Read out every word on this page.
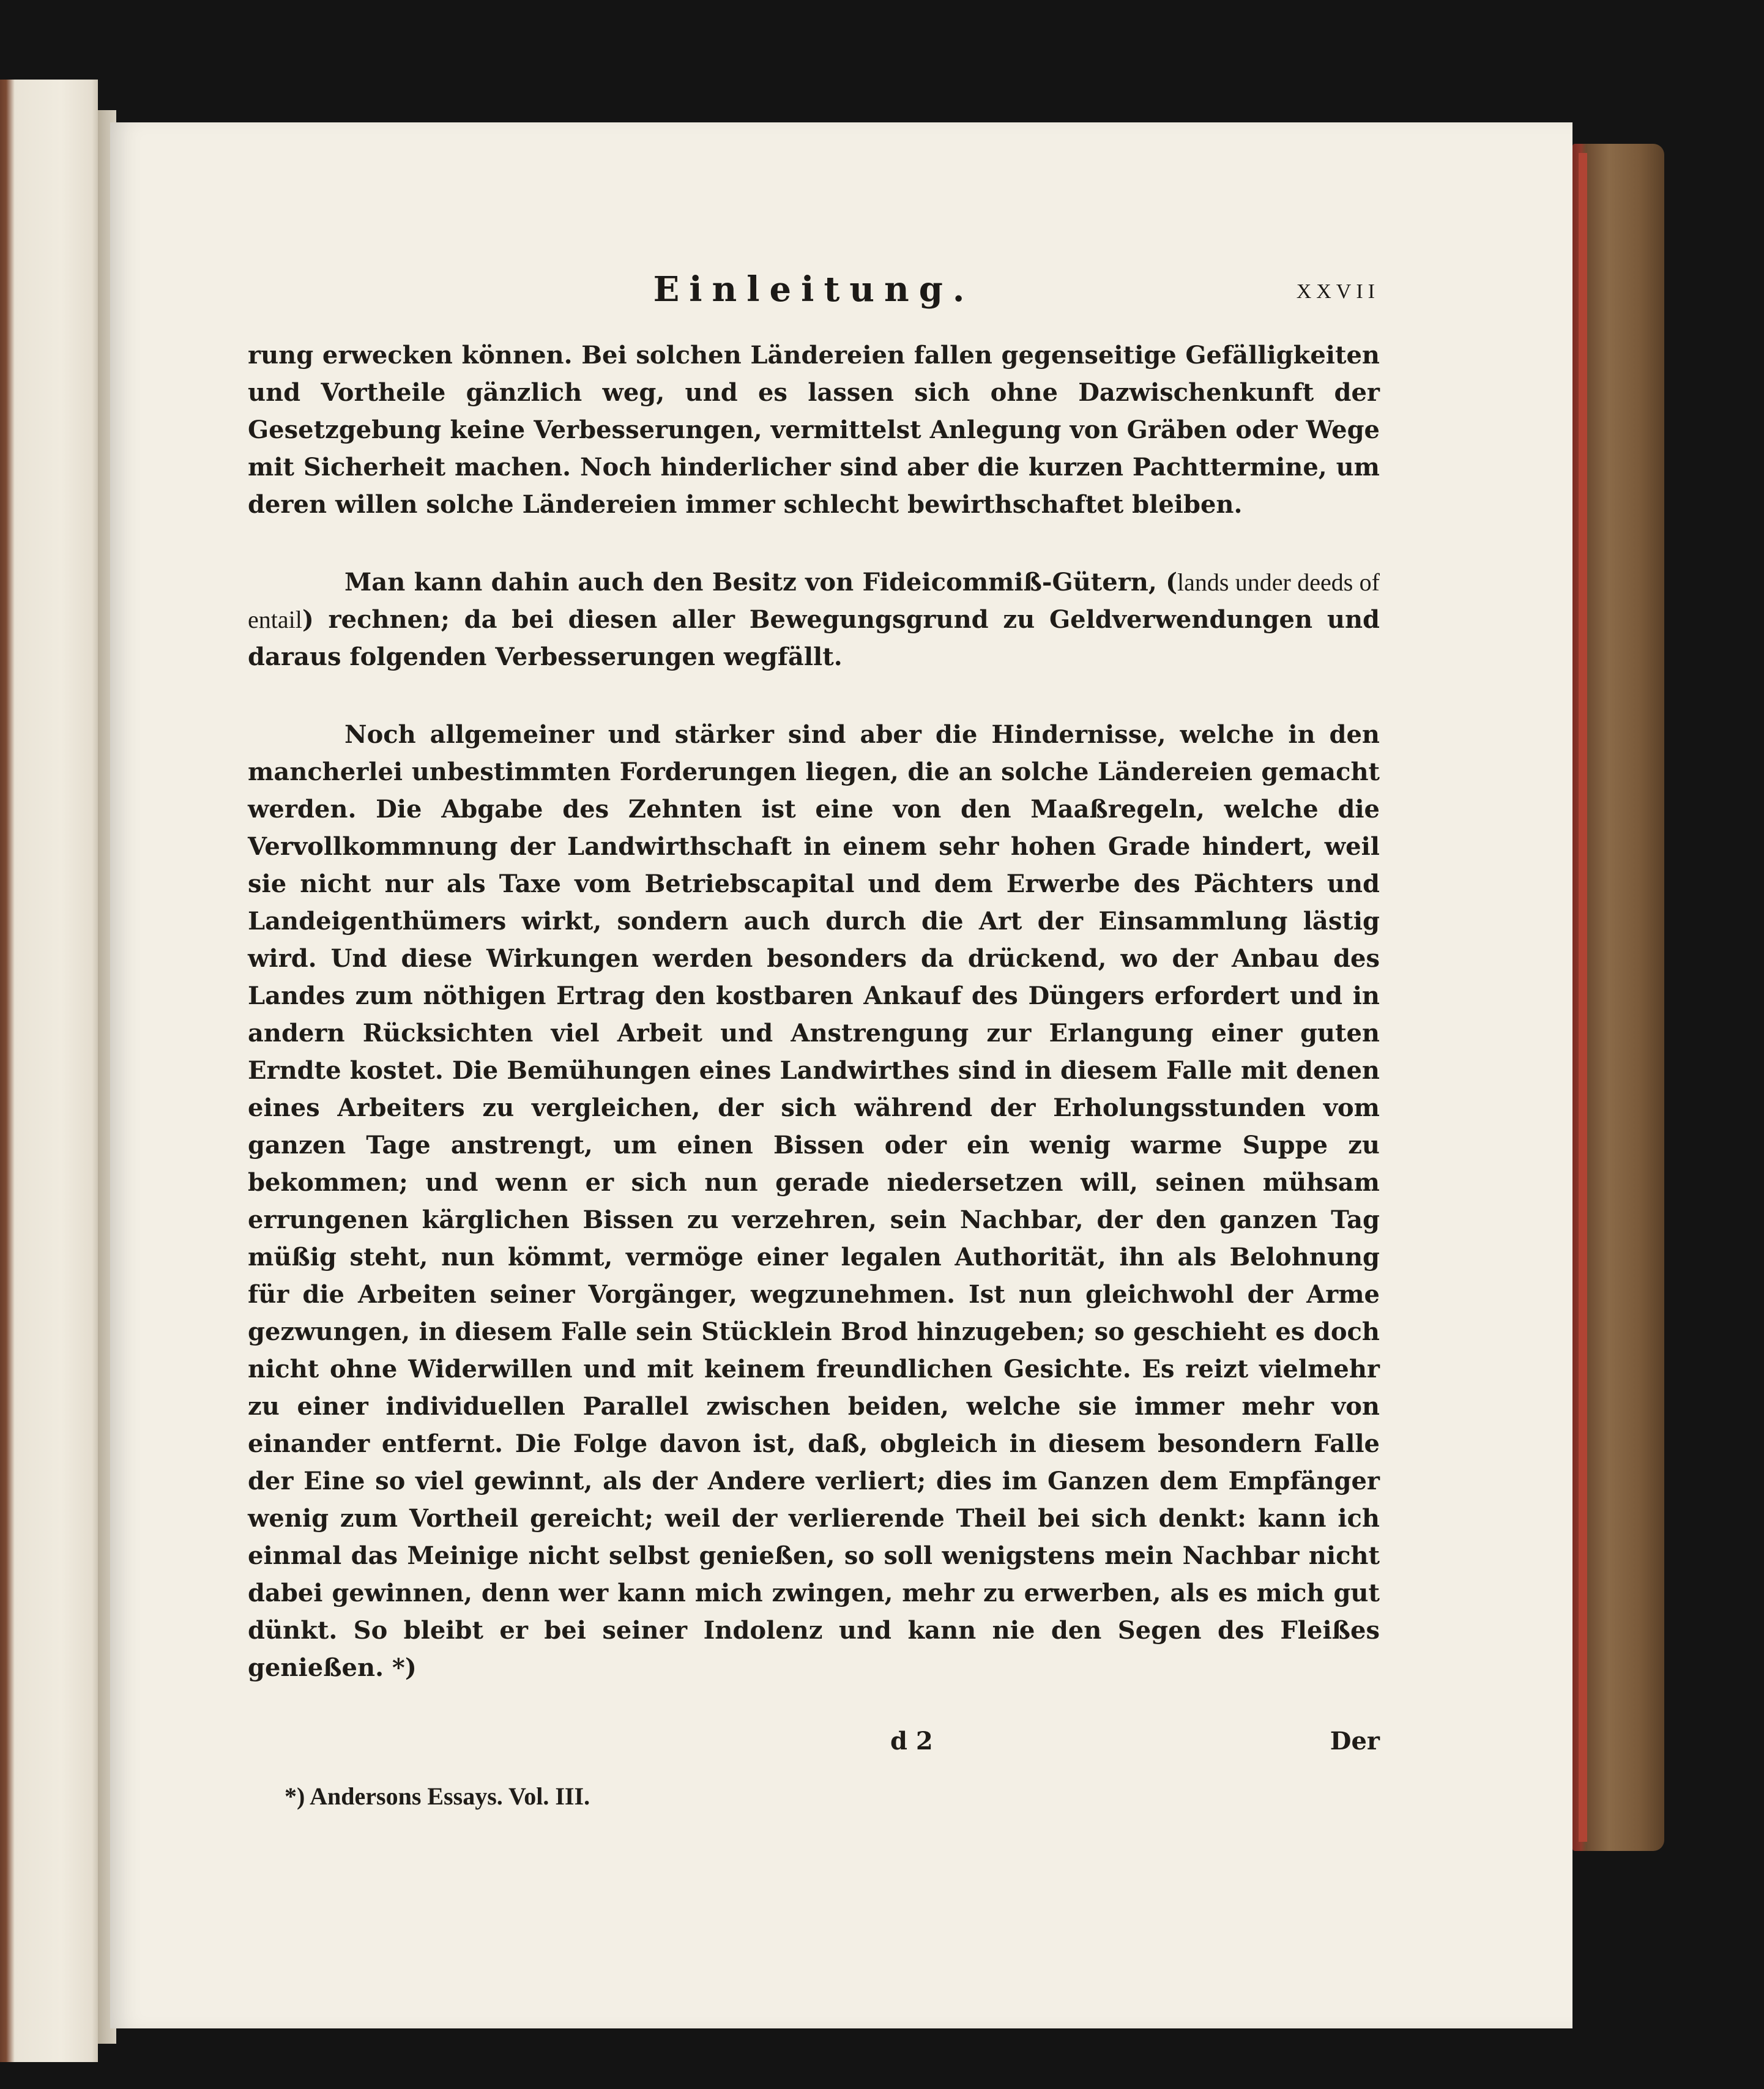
Einleitung.	XXVII

rung erwecken können. Bei solchen Ländereien fallen gegenseitige Gefälligkeiten und Vortheile gänzlich weg, und es lassen sich ohne Dazwischenkunft der Gesetzgebung keine Verbesserungen, vermittelst Anlegung von Gräben oder Wege mit Sicherheit machen. Noch hinderlicher sind aber die kurzen Pachttermine, um deren willen solche Ländereien immer schlecht bewirthschaftet bleiben.

Man kann dahin auch den Besitz von Fideicommiß-Gütern, (lands under deeds of entail) rechnen; da bei diesen aller Bewegungsgrund zu Geldverwendungen und daraus folgenden Verbesserungen wegfällt.

Noch allgemeiner und stärker sind aber die Hindernisse, welche in den mancherlei unbestimmten Forderungen liegen, die an solche Ländereien gemacht werden. Die Abgabe des Zehnten ist eine von den Maaßregeln, welche die Vervollkommnung der Landwirthschaft in einem sehr hohen Grade hindert, weil sie nicht nur als Taxe vom Betriebscapital und dem Erwerbe des Pächters und Landeigenthümers wirkt, sondern auch durch die Art der Einsammlung lästig wird. Und diese Wirkungen werden besonders da drückend, wo der Anbau des Landes zum nöthigen Ertrag den kostbaren Ankauf des Düngers erfordert und in andern Rücksichten viel Arbeit und Anstrengung zur Erlangung einer guten Erndte kostet. Die Bemühungen eines Landwirthes sind in diesem Falle mit denen eines Arbeiters zu vergleichen, der sich während der Erholungsstunden vom ganzen Tage anstrengt, um einen Bissen oder ein wenig warme Suppe zu bekommen; und wenn er sich nun gerade niedersetzen will, seinen mühsam errungenen kärglichen Bissen zu verzehren, sein Nachbar, der den ganzen Tag müßig steht, nun kömmt, vermöge einer legalen Authorität, ihn als Belohnung für die Arbeiten seiner Vorgänger, wegzunehmen. Ist nun gleichwohl der Arme gezwungen, in diesem Falle sein Stücklein Brod hinzugeben; so geschieht es doch nicht ohne Widerwillen und mit keinem freundlichen Gesichte. Es reizt vielmehr zu einer individuellen Parallel zwischen beiden, welche sie immer mehr von einander entfernt. Die Folge davon ist, daß, obgleich in diesem besondern Falle der Eine so viel gewinnt, als der Andere verliert; dies im Ganzen dem Empfänger wenig zum Vortheil gereicht; weil der verlierende Theil bei sich denkt: kann ich einmal das Meinige nicht selbst genießen, so soll wenigstens mein Nachbar nicht dabei gewinnen, denn wer kann mich zwingen, mehr zu erwerben, als es mich gut dünkt. So bleibt er bei seiner Indolenz und kann nie den Segen des Fleißes genießen. *)

d 2	Der
*) Andersons Essays. Vol. III.
